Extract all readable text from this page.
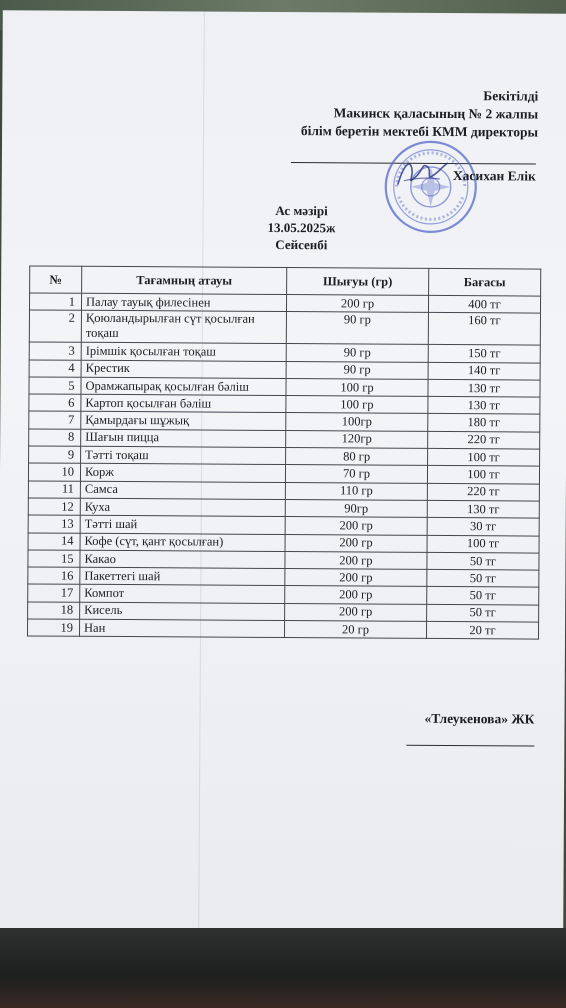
Бекітілді
Макинск қаласының № 2 жалпы
білім беретін мектебі КММ директоры
Хасихан Елік
Ас мәзірі
13.05.2025ж
Сейсенбі
№	Тағамның атауы	Шығуы (гр)	Бағасы
1	Палау тауық филесінен	200 гр	400 тг
2	Қоюландырылған сүт қосылған тоқаш	90 гр	160 тг
3	Ірімшік қосылған тоқаш	90 гр	150 тг
4	Крестик	90 гр	140 тг
5	Орамжапырақ қосылған бәліш	100 гр	130 тг
6	Картоп қосылған бәліш	100 гр	130 тг
7	Қамырдағы шұжық	100гр	180 тг
8	Шағын пицца	120гр	220 тг
9	Тәтті тоқаш	80 гр	100 тг
10	Корж	70 гр	100 тг
11	Самса	110 гр	220 тг
12	Куха	90гр	130 тг
13	Тәтті шай	200 гр	30 тг
14	Кофе (сүт, қант қосылған)	200 гр	100 тг
15	Какао	200 гр	50 тг
16	Пакеттегі шай	200 гр	50 тг
17	Компот	200 гр	50 тг
18	Кисель	200 гр	50 тг
19	Нан	20 гр	20 тг
«Тлеукенова» ЖК
